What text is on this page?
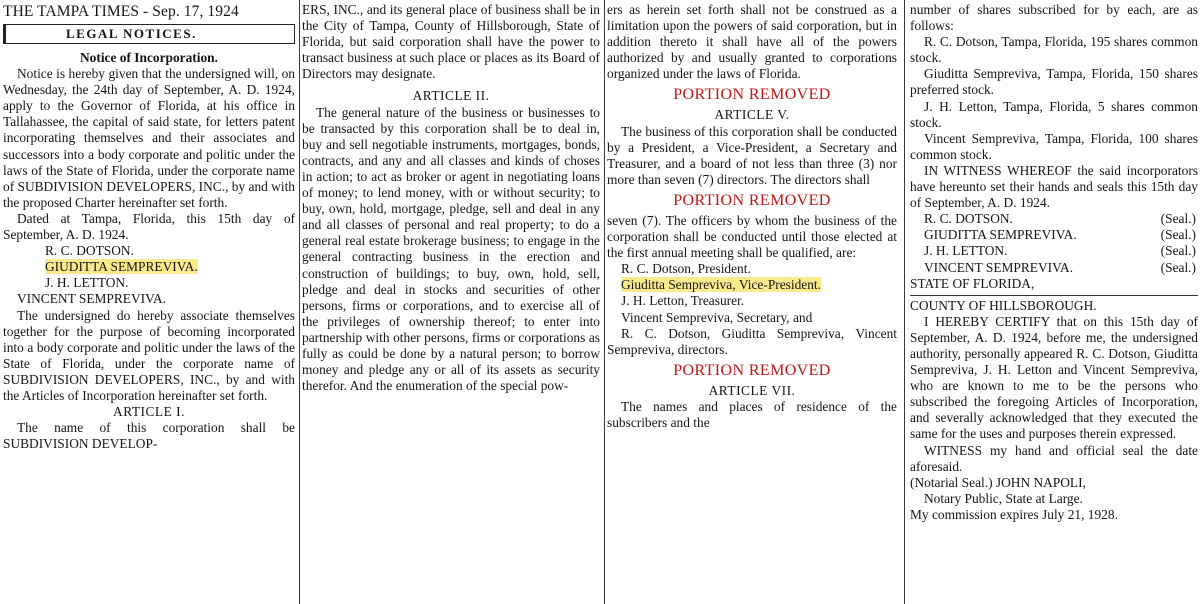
THE TAMPA TIMES - Sep. 17, 1924
LEGAL NOTICES.
Notice of Incorporation.

Notice is hereby given that the undersigned will, on Wednesday, the 24th day of September, A. D. 1924, apply to the Governor of Florida, at his office in Tallahassee, the capital of said state, for letters patent incorporating themselves and their associates and successors into a body corporate and politic under the laws of the State of Florida, under the corporate name of SUBDIVISION DEVELOPERS, INC., by and with the proposed Charter hereinafter set forth.

Dated at Tampa, Florida, this 15th day of September, A. D. 1924.

R. C. DOTSON.

GIUDITTA SEMPREVIVA.

J. H. LETTON.

VINCENT SEMPREVIVA.

The undersigned do hereby associate themselves together for the purpose of becoming incorporated into a body corporate and politic under the laws of the State of Florida, under the corporate name of SUBDIVISION DEVELOPERS, INC., by and with the Articles of Incorporation hereinafter set forth.

ARTICLE I.

The name of this corporation shall be SUBDIVISION DEVELOP-

ERS, INC., and its general place of business shall be in the City of Tampa, County of Hillsborough, State of Florida, but said corporation shall have the power to transact business at such place or places as its Board of Directors may designate.

ARTICLE II.

The general nature of the business or businesses to be transacted by this corporation shall be to deal in, buy and sell negotiable instruments, mortgages, bonds, contracts, and any and all classes and kinds of choses in action; to act as broker or agent in negotiating loans of money; to lend money, with or without security; to buy, own, hold, mortgage, pledge, sell and deal in any and all classes of personal and real property; to do a general real estate brokerage business; to engage in the general contracting business in the erection and construction of buildings; to buy, own, hold, sell, pledge and deal in stocks and securities of other persons, firms or corporations, and to exercise all of the privileges of ownership thereof; to enter into partnership with other persons, firms or corporations as fully as could be done by a natural person; to borrow money and pledge any or all of its assets as security therefor. And the enumeration of the special pow-

ers as herein set forth shall not be construed as a limitation upon the powers of said corporation, but in addition thereto it shall have all of the powers authorized by and usually granted to corporations organized under the laws of Florida.

PORTION REMOVED
ARTICLE V.

The business of this corporation shall be conducted by a President, a Vice-President, a Secretary and Treasurer, and a board of not less than three (3) nor more than seven (7) directors. The directors shall

PORTION REMOVED

seven (7). The officers by whom the business of the corporation shall be conducted until those elected at the first annual meeting shall be qualified, are:

R. C. Dotson, President.

Giuditta Semprevivа, Vice-President.

J. H. Letton, Treasurer.

Vincent Semprevivа, Secretary, and

R. C. Dotson, Giuditta Semprevivа, Vincent Semprevivа, directors.

PORTION REMOVED
ARTICLE VII.

The names and places of residence of the subscribers and the

number of shares subscribed for by each, are as follows:

R. C. Dotson, Tampa, Florida, 195 shares common stock.

Giuditta Semprevivа, Tampa, Florida, 150 shares preferred stock.

J. H. Letton, Tampa, Florida, 5 shares common stock.

Vincent Semprevivа, Tampa, Florida, 100 shares common stock.

IN WITNESS WHEREOF the said incorporators have hereunto set their hands and seals this 15th day of September, A. D. 1924.

R. C. DOTSON.	(Seal.)
GIUDITTA SEMPREVIVA.	(Seal.)
J. H. LETTON.	(Seal.)
VINCENT SEMPREVIVA.	(Seal.)

STATE OF FLORIDA,

COUNTY OF HILLSBOROUGH.

I HEREBY CERTIFY that on this 15th day of September, A. D. 1924, before me, the undersigned authority, personally appeared R. C. Dotson, Giuditta Semprevivа, J. H. Letton and Vincent Semprevivа, who are known to me to be the persons who subscribed the foregoing Articles of Incorporation, and severally acknowledged that they executed the same for the uses and purposes therein expressed.

WITNESS my hand and official seal the date aforesaid.

(Notarial Seal.) JOHN NAPOLI,

Notary Public, State at Large.

My commission expires July 21, 1928.
